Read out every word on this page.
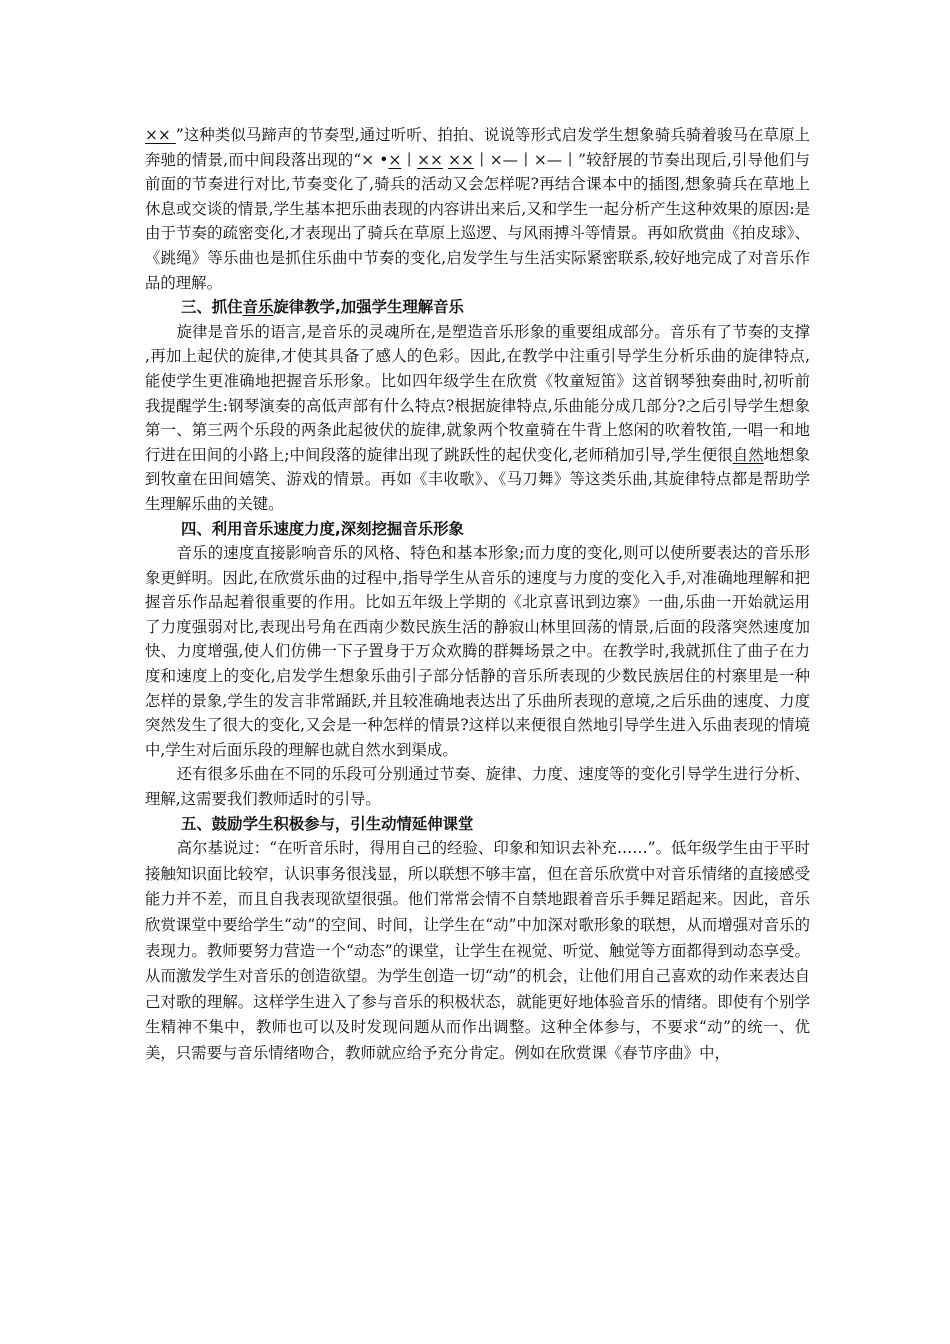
×× ”这种类似马蹄声的节奏型,通过听听、拍拍、说说等形式启发学生想象骑兵骑着骏马在草原上奔驰的情景,而中间段落出现的“× •×丨×× ××丨×—丨×—丨”较舒展的节奏出现后,引导他们与前面的节奏进行对比,节奏变化了,骑兵的活动又会怎样呢?再结合课本中的插图,想象骑兵在草地上休息或交谈的情景,学生基本把乐曲表现的内容讲出来后,又和学生一起分析产生这种效果的原因:是由于节奏的疏密变化,才表现出了骑兵在草原上巡逻、与风雨搏斗等情景。再如欣赏曲《拍皮球》、《跳绳》等乐曲也是抓住乐曲中节奏的变化,启发学生与生活实际紧密联系,较好地完成了对音乐作品的理解。

三、抓住音乐旋律教学,加强学生理解音乐

旋律是音乐的语言,是音乐的灵魂所在,是塑造音乐形象的重要组成部分。音乐有了节奏的支撑 ,再加上起伏的旋律,才使其具备了感人的色彩。因此,在教学中注重引导学生分析乐曲的旋律特点,能使学生更准确地把握音乐形象。比如四年级学生在欣赏《牧童短笛》这首钢琴独奏曲时,初听前我提醒学生:钢琴演奏的高低声部有什么特点?根据旋律特点,乐曲能分成几部分?之后引导学生想象第一、第三两个乐段的两条此起彼伏的旋律,就象两个牧童骑在牛背上悠闲的吹着牧笛,一唱一和地行进在田间的小路上;中间段落的旋律出现了跳跃性的起伏变化,老师稍加引导,学生便很自然地想象到牧童在田间嬉笑、游戏的情景。再如《丰收歌》、《马刀舞》等这类乐曲,其旋律特点都是帮助学生理解乐曲的关键。

四、利用音乐速度力度,深刻挖掘音乐形象

音乐的速度直接影响音乐的风格、特色和基本形象;而力度的变化,则可以使所要表达的音乐形象更鲜明。因此,在欣赏乐曲的过程中,指导学生从音乐的速度与力度的变化入手,对准确地理解和把握音乐作品起着很重要的作用。比如五年级上学期的《北京喜讯到边寨》一曲,乐曲一开始就运用了力度强弱对比,表现出号角在西南少数民族生活的静寂山林里回荡的情景,后面的段落突然速度加快、力度增强,使人们仿佛一下子置身于万众欢腾的群舞场景之中。在教学时,我就抓住了曲子在力度和速度上的变化,启发学生想象乐曲引子部分恬静的音乐所表现的少数民族居住的村寨里是一种怎样的景象,学生的发言非常踊跃,并且较准确地表达出了乐曲所表现的意境,之后乐曲的速度、力度突然发生了很大的变化,又会是一种怎样的情景?这样以来便很自然地引导学生进入乐曲表现的情境中,学生对后面乐段的理解也就自然水到渠成。

还有很多乐曲在不同的乐段可分别通过节奏、旋律、力度、速度等的变化引导学生进行分析、理解,这需要我们教师适时的引导。

五、鼓励学生积极参与，引生动情延伸课堂

高尔基说过：“在听音乐时，得用自己的经验、印象和知识去补充……”。低年级学生由于平时接触知识面比较窄，认识事务很浅显，所以联想不够丰富，但在音乐欣赏中对音乐情绪的直接感受能力并不差，而且自我表现欲望很强。他们常常会情不自禁地跟着音乐手舞足蹈起来。因此，音乐欣赏课堂中要给学生“动”的空间、时间，让学生在“动”中加深对歌形象的联想，从而增强对音乐的表现力。教师要努力营造一个“动态”的课堂，让学生在视觉、听觉、触觉等方面都得到动态享受。从而激发学生对音乐的创造欲望。为学生创造一切“动”的机会，让他们用自己喜欢的动作来表达自己对歌的理解。这样学生进入了参与音乐的积极状态，就能更好地体验音乐的情绪。即使有个别学生精神不集中，教师也可以及时发现问题从而作出调整。这种全体参与，不要求“动”的统一、优美，只需要与音乐情绪吻合，教师就应给予充分肯定。例如在欣赏课《春节序曲》中，
